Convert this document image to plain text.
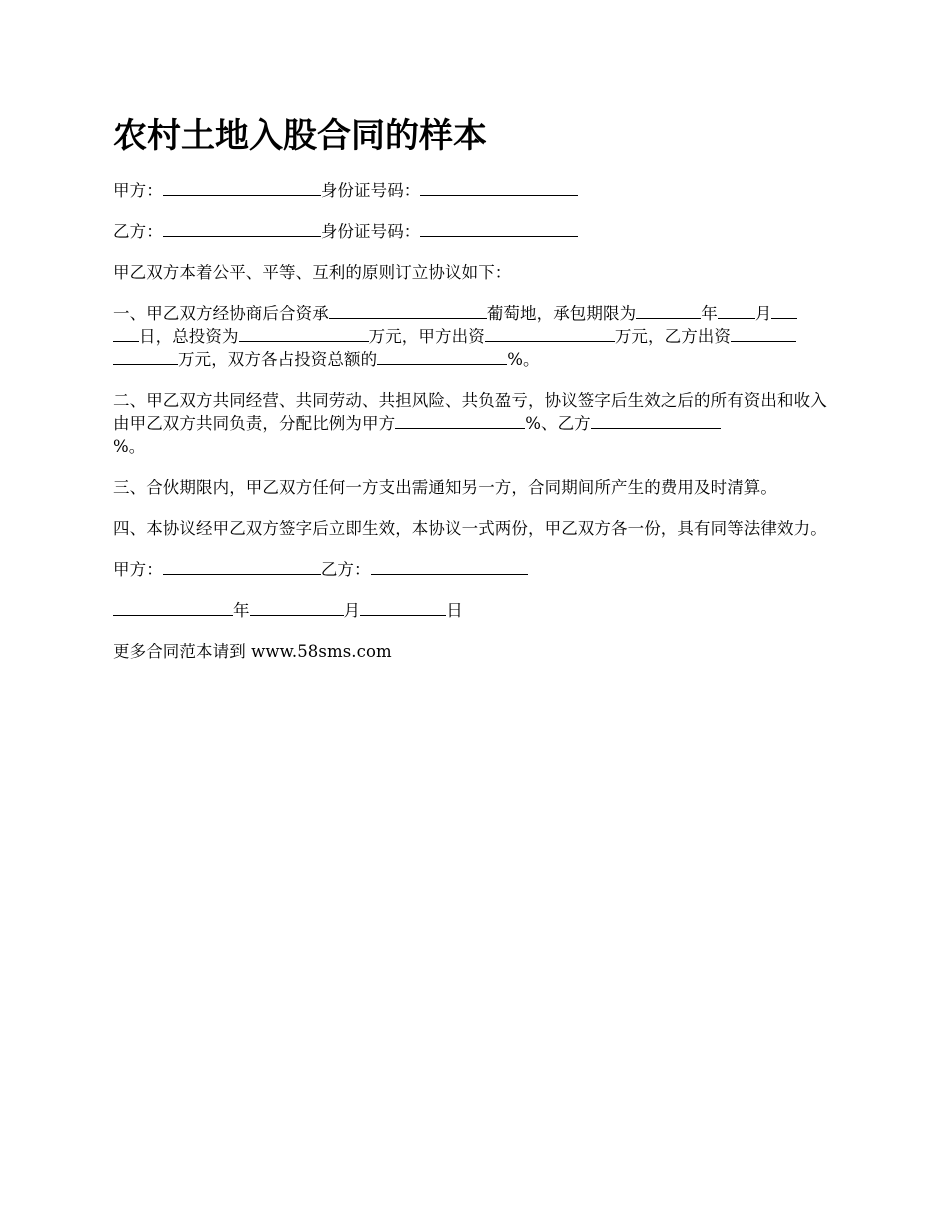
农村土地入股合同的样本

甲方：	身份证号码：

乙方：	身份证号码：

甲乙双方本着公平、平等、互利的原则订立协议如下：

一、甲乙双方经协商后合资承	葡萄地，承包期限为	年 月
日，总投资为	万元，甲方出资	万元，乙方出资
万元，双方各占投资总额的	%。

二、甲乙双方共同经营、共同劳动、共担风险、共负盈亏，协议签字后生效之后的所有资出和收入由甲乙双方共同负责，分配比例为甲方	%、乙方
%。

三、合伙期限内，甲乙双方任何一方支出需通知另一方，合同期间所产生的费用及时清算。

四、本协议经甲乙双方签字后立即生效，本协议一式两份，甲乙双方各一份，具有同等法律效力。

甲方：	乙方：

年	月	日

更多合同范本请到 www.58sms.com
